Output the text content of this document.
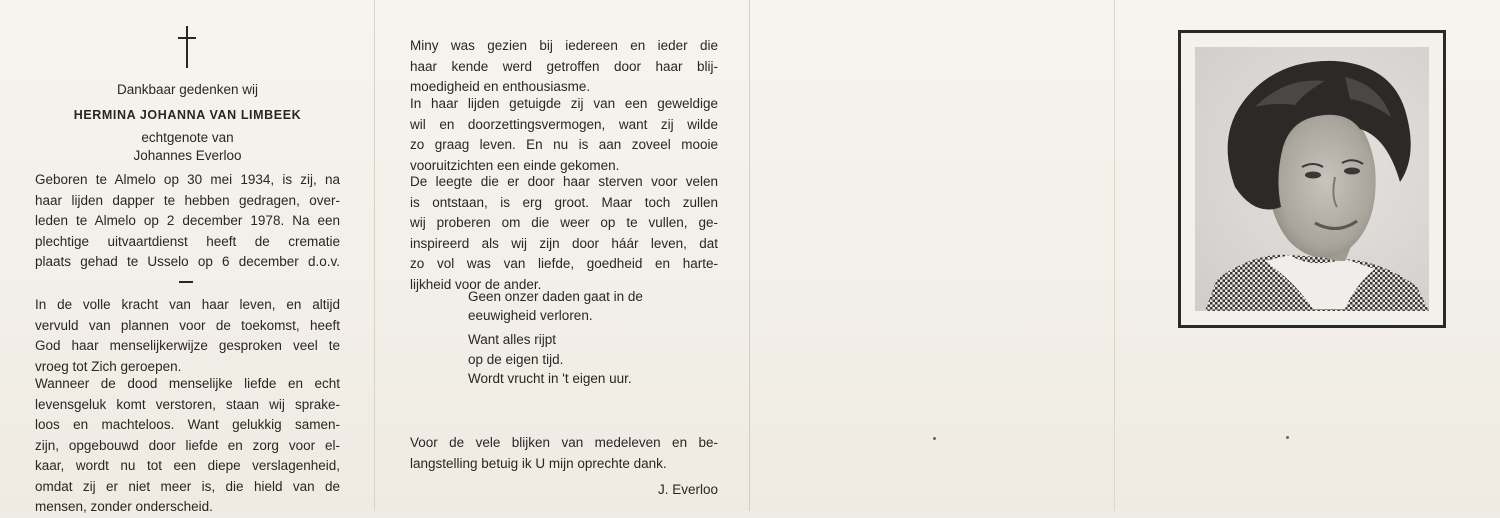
Dankbaar gedenken wij
HERMINA JOHANNA VAN LIMBEEK
echtgenote van
Johannes Everloo
Geboren te Almelo op 30 mei 1934, is zij, na
haar lijden dapper te hebben gedragen, over-
leden te Almelo op 2 december 1978. Na een
plechtige uitvaartdienst heeft de crematie
plaats gehad te Usselo op 6 december d.o.v.
In de volle kracht van haar leven, en altijd
vervuld van plannen voor de toekomst, heeft
God haar menselijkerwijze gesproken veel te
vroeg tot Zich geroepen.
Wanneer de dood menselijke liefde en echt
levensgeluk komt verstoren, staan wij sprake-
loos en machteloos. Want gelukkig samen-
zijn, opgebouwd door liefde en zorg voor el-
kaar, wordt nu tot een diepe verslagenheid,
omdat zij er niet meer is, die hield van de
mensen, zonder onderscheid.
Miny was gezien bij iedereen en ieder die
haar kende werd getroffen door haar blij-
moedigheid en enthousiasme.
In haar lijden getuigde zij van een geweldige
wil en doorzettingsvermogen, want zij wilde
zo graag leven. En nu is aan zoveel mooie
vooruitzichten een einde gekomen.
De leegte die er door haar sterven voor velen
is ontstaan, is erg groot. Maar toch zullen
wij proberen om die weer op te vullen, ge-
inspireerd als wij zijn door háár leven, dat
zo vol was van liefde, goedheid en harte-
lijkheid voor de ander.
Geen onzer daden gaat in de
eeuwigheid verloren.
Want alles rijpt
op de eigen tijd.
Wordt vrucht in 't eigen uur.
Voor de vele blijken van medeleven en be-
langstelling betuig ik U mijn oprechte dank.
J. Everloo
